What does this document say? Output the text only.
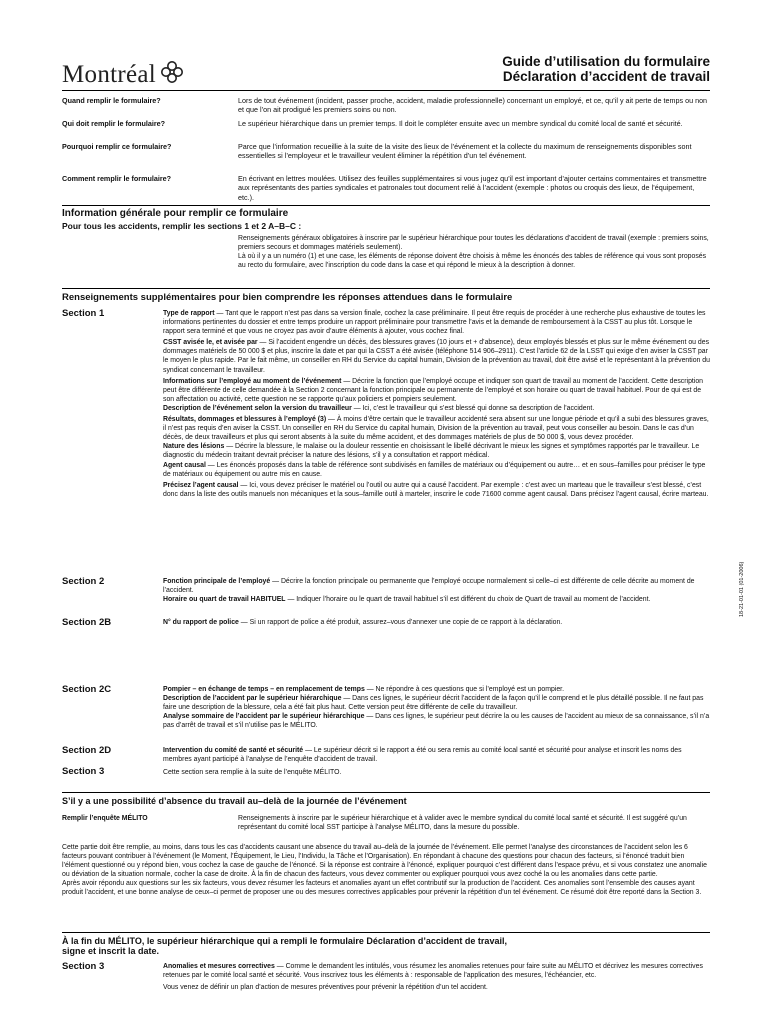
Montréal	Guide d’utilisation du formulaire
Déclaration d’accident de travail
Quand remplir le formulaire?	Lors de tout événement (incident, passer proche, accident, maladie professionnelle) concernant un employé, et ce, qu’il y ait perte de temps ou non et que l’on ait prodigué les premiers soins ou non.
Qui doit remplir le formulaire?	Le supérieur hiérarchique dans un premier temps. Il doit le compléter ensuite avec un membre syndical du comité local de santé et sécurité.
Pourquoi remplir ce formulaire?	Parce que l’information recueillie à la suite de la visite des lieux de l’événement et la collecte du maximum de renseignements disponibles sont essentielles si l’employeur et le travailleur veulent éliminer la répétition d’un tel événement.
Comment remplir le formulaire?	En écrivant en lettres moulées. Utilisez des feuilles supplémentaires si vous jugez qu’il est important d’ajouter certains commentaires et transmettre aux représentants des parties syndicales et patronales tout document relié à l’accident (exemple : photos ou croquis des lieux, de l’équipement, etc.).
Information générale pour remplir ce formulaire
Pour tous les accidents, remplir les sections 1 et 2 A–B–C :
Renseignements généraux obligatoires à inscrire par le supérieur hiérarchique pour toutes les déclarations d’accident de travail (exemple : premiers soins, premiers secours et dommages matériels seulement).
Là où il y a un numéro (1) et une case, les éléments de réponse doivent être choisis à même les énoncés des tables de référence qui vous sont proposés au recto du formulaire, avec l’inscription du code dans la case et qui répond le mieux à la description à donner.
Renseignements supplémentaires pour bien comprendre les réponses attendues dans le formulaire
Section 1	Type de rapport — Tant que le rapport n’est pas dans sa version finale, cochez la case préliminaire. Il peut être requis de procéder à une recherche plus exhaustive de toutes les informations pertinentes du dossier et entre temps produire un rapport préliminaire pour transmettre l’avis et la demande de remboursement à la CSST au plus tôt. Lorsque le rapport sera terminé et que vous ne croyez pas avoir d’autre éléments à ajouter, vous cochez final.
CSST avisée le, et avisée par — Si l’accident engendre un décès, des blessures graves (10 jours et + d’absence), deux employés blessés et plus sur le même événement ou des dommages matériels de 50 000 $ et plus, inscrire la date et par qui la CSST a été avisée (téléphone 514 906–2911). C’est l’article 62 de la LSST qui exige d’en aviser la CSST par le moyen le plus rapide. Par le fait même, un conseiller en RH du Service du capital humain, Division de la prévention au travail, doit être avisé et le représentant à la prévention du syndicat concernant le travailleur.
Informations sur l’employé au moment de l’événement — Décrire la fonction que l’employé occupe et indiquer son quart de travail au moment de l’accident. Cette description peut être différente de celle demandée à la Section 2 concernant la fonction principale ou permanente de l’employé et son horaire ou quart de travail habituel. Pour de qui est de son affectation ou activité, cette question ne se rapporte qu’aux policiers et pompiers seulement.
Description de l’événement selon la version du travailleur — Ici, c’est le travailleur qui s’est blessé qui donne sa description de l’accident.
Résultats, dommages et blessures à l’employé (3) — À moins d’être certain que le travailleur accidenté sera absent sur une longue période et qu’il a subi des blessures graves, il n’est pas requis d’en aviser la CSST. Un conseiller en RH du Service du capital humain, Division de la prévention au travail, peut vous conseiller au besoin. Dans le cas d’un décès, de deux travailleurs et plus qui seront absents à la suite du même accident, et des dommages matériels de plus de 50 000 $, vous devez procéder.
Nature des lésions — Décrire la blessure, le malaise ou la douleur ressentie en choisissant le libellé décrivant le mieux les signes et symptômes rapportés par le travailleur. Le diagnostic du médecin traitant devrait préciser la nature des lésions, s’il y a consultation et rapport médical.
Agent causal — Les énoncés proposés dans la table de référence sont subdivisés en familles de matériaux ou d’équipement ou autre… et en sous–familles pour préciser le type de matériaux ou équipement ou autre mis en cause.
Précisez l’agent causal — Ici, vous devez préciser le matériel ou l’outil ou autre qui a causé l’accident. Par exemple : c’est avec un marteau que le travailleur s’est blessé, c’est donc dans la liste des outils manuels non mécaniques et la sous–famille outil à marteler, inscrire le code 71600 comme agent causal. Dans précisez l’agent causal, écrire marteau.
Section 2	Fonction principale de l’employé — Décrire la fonction principale ou permanente que l’employé occupe normalement si celle–ci est différente de celle décrite au moment de l’accident.
Horaire ou quart de travail HABITUEL — Indiquer l’horaire ou le quart de travail habituel s’il est différent du choix de Quart de travail au moment de l’accident.
Section 2B	N° du rapport de police — Si un rapport de police a été produit, assurez–vous d’annexer une copie de ce rapport à la déclaration.
18-21-01-01 (01-2006)
Section 2C	Pompier – en échange de temps – en remplacement de temps — Ne répondre à ces questions que si l’employé est un pompier.
Description de l’accident par le supérieur hiérarchique — Dans ces lignes, le supérieur décrit l’accident de la façon qu’il le comprend et le plus détaillé possible. Il ne faut pas faire une description de la blessure, cela a été fait plus haut. Cette version peut être différente de celle du travailleur.
Analyse sommaire de l’accident par le supérieur hiérarchique — Dans ces lignes, le supérieur peut décrire la ou les causes de l’accident au mieux de sa connaissance, s’il n’a pas d’arrêt de travail et s’il n’utilise pas le MÉLITO.
Section 2D	Intervention du comité de santé et sécurité — Le supérieur décrit si le rapport a été ou sera remis au comité local santé et sécurité pour analyse et inscrit les noms des membres ayant participé à l’analyse de l’enquête d’accident de travail.
Section 3	Cette section sera remplie à la suite de l’enquête MÉLITO.
S’il y a une possibilité d’absence du travail au–delà de la journée de l’événement
Remplir l’enquête MÉLITO	Renseignements à inscrire par le supérieur hiérarchique et à valider avec le membre syndical du comité local santé et sécurité. Il est suggéré qu’un représentant du comité local SST participe à l’analyse MÉLITO, dans la mesure du possible.
Cette partie doit être remplie, au moins, dans tous les cas d’accidents causant une absence du travail au–delà de la journée de l’événement. Elle permet l’analyse des circonstances de l’accident selon les 6 facteurs pouvant contribuer à l’événement (le Moment, l’Équipement, le Lieu, l’Individu, la Tâche et l’Organisation). En répondant à chacune des questions pour chacun des facteurs, si l’énoncé traduit bien l’élément questionné ou y répond bien, vous cochez la case de gauche de l’énoncé. Si la réponse est contraire à l’énoncé, expliquer pourquoi c’est différent dans l’espace prévu, et si vous constatez une anomalie ou déviation de la situation normale, cocher la case de droite. À la fin de chacun des facteurs, vous devez commenter ou expliquer pourquoi vous avez coché la ou les anomalies dans cette partie.
Après avoir répondu aux questions sur les six facteurs, vous devez résumer les facteurs et anomalies ayant un effet contributif sur la production de l’accident. Ces anomalies sont l’ensemble des causes ayant produit l’accident, et une bonne analyse de ceux–ci permet de proposer une ou des mesures correctives applicables pour prévenir la répétition d’un tel événement. Ce résumé doit être reporté dans la Section 3.
À la fin du MÉLITO, le supérieur hiérarchique qui a rempli le formulaire Déclaration d’accident de travail,
signe et inscrit la date.
Section 3	Anomalies et mesures correctives — Comme le demandent les intitulés, vous résumez les anomalies retenues pour faire suite au MÉLITO et décrivez les mesures correctives retenues par le comité local santé et sécurité. Vous inscrivez tous les éléments à : responsable de l’application des mesures, l’échéancier, etc.
Vous venez de définir un plan d’action de mesures préventives pour prévenir la répétition d’un tel accident.
